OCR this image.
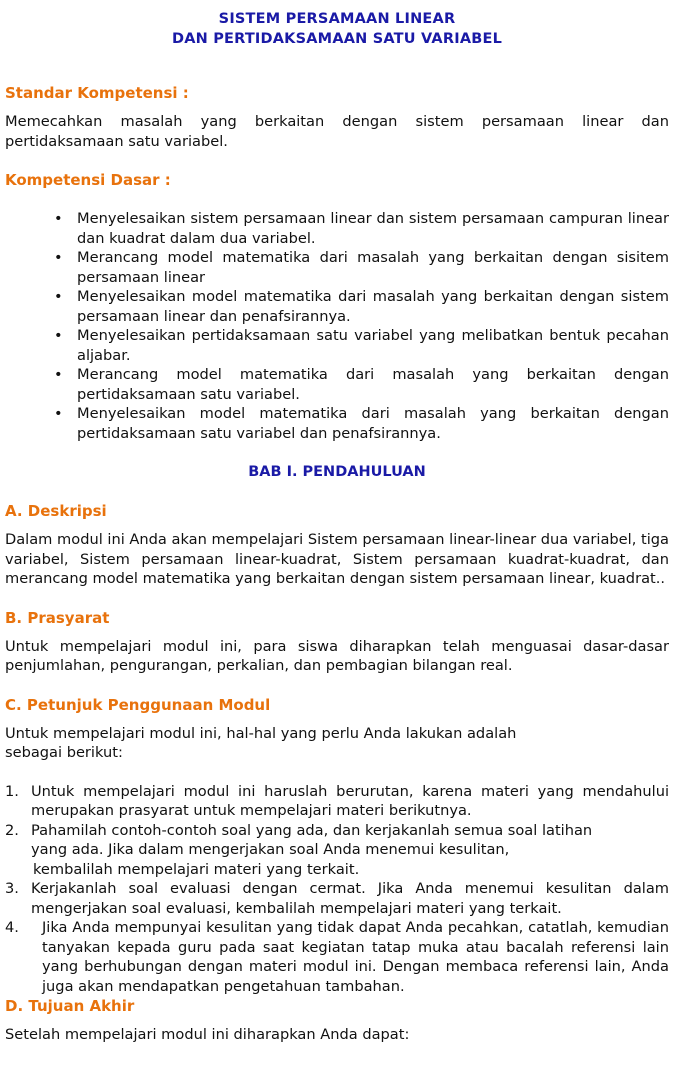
SISTEM PERSAMAAN LINEAR
DAN PERTIDAKSAMAAN SATU VARIABEL
Standar Kompetensi :

Memecahkan masalah yang berkaitan dengan sistem persamaan linear dan pertidaksamaan satu variabel.

Kompetensi Dasar :
• Menyelesaikan sistem persamaan linear dan sistem persamaan campuran linear dan kuadrat dalam dua variabel.
• Merancang model matematika dari masalah yang berkaitan dengan sisitem persamaan linear
• Menyelesaikan model matematika dari masalah yang berkaitan dengan sistem persamaan linear dan penafsirannya.
• Menyelesaikan pertidaksamaan satu variabel yang melibatkan bentuk pecahan aljabar.
• Merancang model matematika dari masalah yang berkaitan dengan pertidaksamaan satu variabel.
• Menyelesaikan model matematika dari masalah yang berkaitan dengan pertidaksamaan satu variabel dan penafsirannya.
BAB I. PENDAHULUAN
A. Deskripsi

Dalam modul ini Anda akan mempelajari Sistem persamaan linear-linear dua variabel, tiga variabel, Sistem persamaan linear-kuadrat, Sistem persamaan kuadrat-kuadrat, dan merancang model matematika yang berkaitan dengan sistem persamaan linear, kuadrat..

B. Prasyarat

Untuk mempelajari modul ini, para siswa diharapkan telah menguasai dasar-dasar penjumlahan, pengurangan, perkalian, dan pembagian bilangan real.

C. Petunjuk Penggunaan Modul
Untuk mempelajari modul ini, hal-hal yang perlu Anda lakukan adalah
sebagai berikut:
1. Untuk mempelajari modul ini haruslah berurutan, karena materi yang mendahului merupakan prasyarat untuk mempelajari materi berikutnya.
2. Pahamilah contoh-contoh soal yang ada, dan kerjakanlah semua soal latihan
yang ada. Jika dalam mengerjakan soal Anda menemui kesulitan,
kembalilah mempelajari materi yang terkait.
3. Kerjakanlah soal evaluasi dengan cermat. Jika Anda menemui kesulitan dalam mengerjakan soal evaluasi, kembalilah mempelajari materi yang terkait.
4. Jika Anda mempunyai kesulitan yang tidak dapat Anda pecahkan, catatlah, kemudian tanyakan kepada guru pada saat kegiatan tatap muka atau bacalah referensi lain yang berhubungan dengan materi modul ini. Dengan membaca referensi lain, Anda juga akan mendapatkan pengetahuan tambahan.
D. Tujuan Akhir

Setelah mempelajari modul ini diharapkan Anda dapat:
